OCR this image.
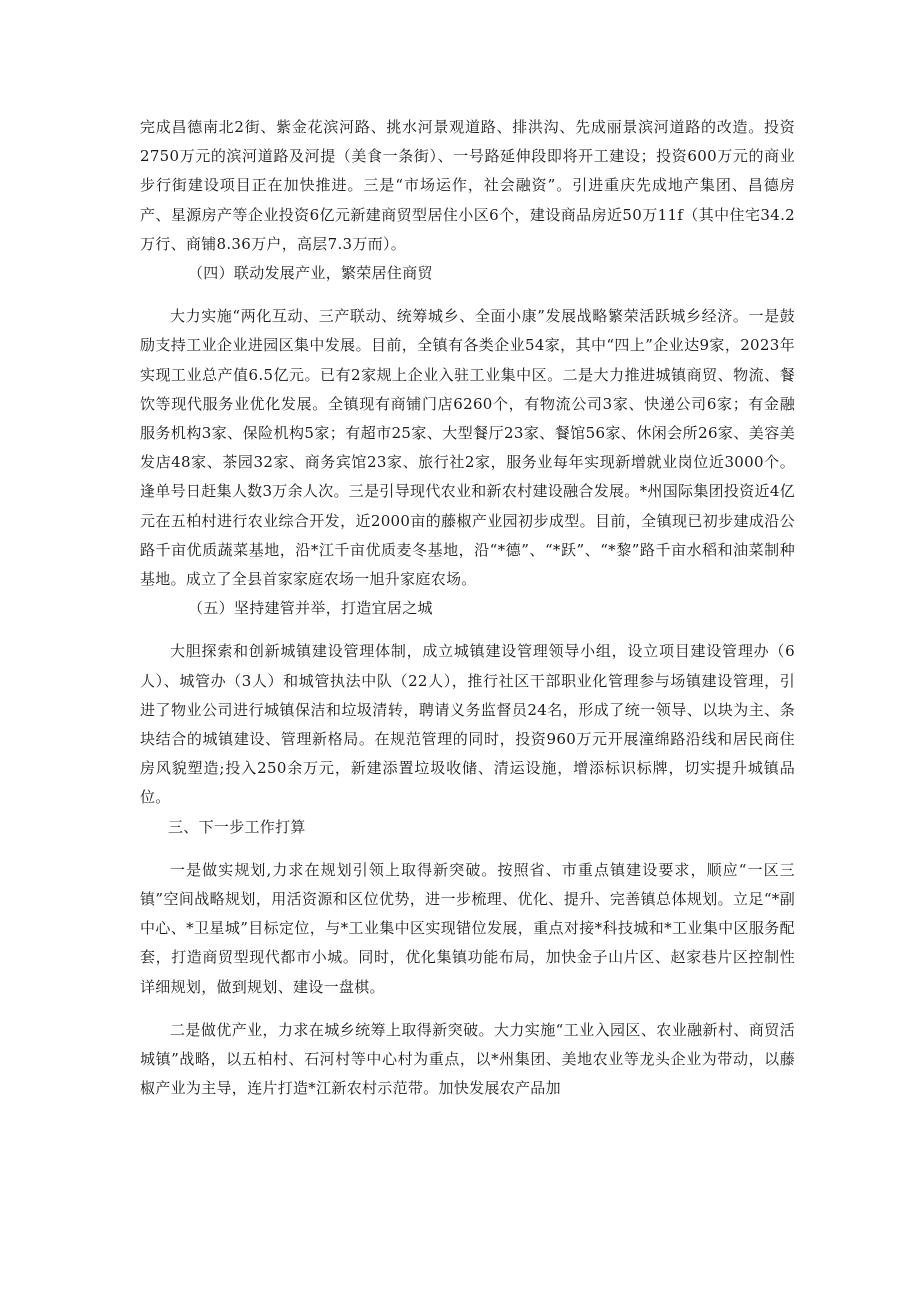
完成昌德南北2街、紫金花滨河路、挑水河景观道路、排洪沟、先成丽景滨河道路的改造。投资2750万元的滨河道路及河提（美食一条街）、一号路延伸段即将开工建设；投资600万元的商业步行街建设项目正在加快推进。三是“市场运作，社会融资”。引进重庆先成地产集团、昌德房产、星源房产等企业投资6亿元新建商贸型居住小区6个，建设商品房近50万11f（其中住宅34.2万行、商铺8.36万户，高层7.3万而）。

（四）联动发展产业，繁荣居住商贸

大力实施“两化互动、三产联动、统筹城乡、全面小康”发展战略繁荣活跃城乡经济。一是鼓励支持工业企业进园区集中发展。目前，全镇有各类企业54家，其中“四上”企业达9家，2023年实现工业总产值6.5亿元。已有2家规上企业入驻工业集中区。二是大力推进城镇商贸、物流、餐饮等现代服务业优化发展。全镇现有商铺门店6260个，有物流公司3家、快递公司6家；有金融服务机构3家、保险机构5家；有超市25家、大型餐厅23家、餐馆56家、休闲会所26家、美容美发店48家、茶园32家、商务宾馆23家、旅行社2家，服务业每年实现新增就业岗位近3000个。逢单号日赶集人数3万余人次。三是引导现代农业和新农村建设融合发展。*州国际集团投资近4亿元在五柏村进行农业综合开发，近2000亩的藤椒产业园初步成型。目前，全镇现已初步建成沿公路千亩优质蔬菜基地，沿*江千亩优质麦冬基地，沿“*德”、“*跃”、“*黎”路千亩水稻和油菜制种基地。成立了全县首家家庭农场一旭升家庭农场。

（五）坚持建管并举，打造宜居之城

大胆探索和创新城镇建设管理体制，成立城镇建设管理领导小组，设立项目建设管理办（6人）、城管办（3人）和城管执法中队（22人），推行社区干部职业化管理参与场镇建设管理，引进了物业公司进行城镇保洁和垃圾清转，聘请义务监督员24名，形成了统一领导、以块为主、条块结合的城镇建设、管理新格局。在规范管理的同时，投资960万元开展潼绵路沿线和居民商住房风貌塑造;投入250余万元，新建添置垃圾收储、清运设施，增添标识标牌，切实提升城镇品位。

三、下一步工作打算

一是做实规划,力求在规划引领上取得新突破。按照省、市重点镇建设要求，顺应“一区三镇”空间战略规划，用活资源和区位优势，进一步梳理、优化、提升、完善镇总体规划。立足“*副中心、*卫星城”目标定位，与*工业集中区实现错位发展，重点对接*科技城和*工业集中区服务配套，打造商贸型现代都市小城。同时，优化集镇功能布局，加快金子山片区、赵家巷片区控制性详细规划，做到规划、建设一盘棋。

二是做优产业，力求在城乡统筹上取得新突破。大力实施“工业入园区、农业融新村、商贸活城镇”战略，以五柏村、石河村等中心村为重点，以*州集团、美地农业等龙头企业为带动，以藤椒产业为主导，连片打造*江新农村示范带。加快发展农产品加
